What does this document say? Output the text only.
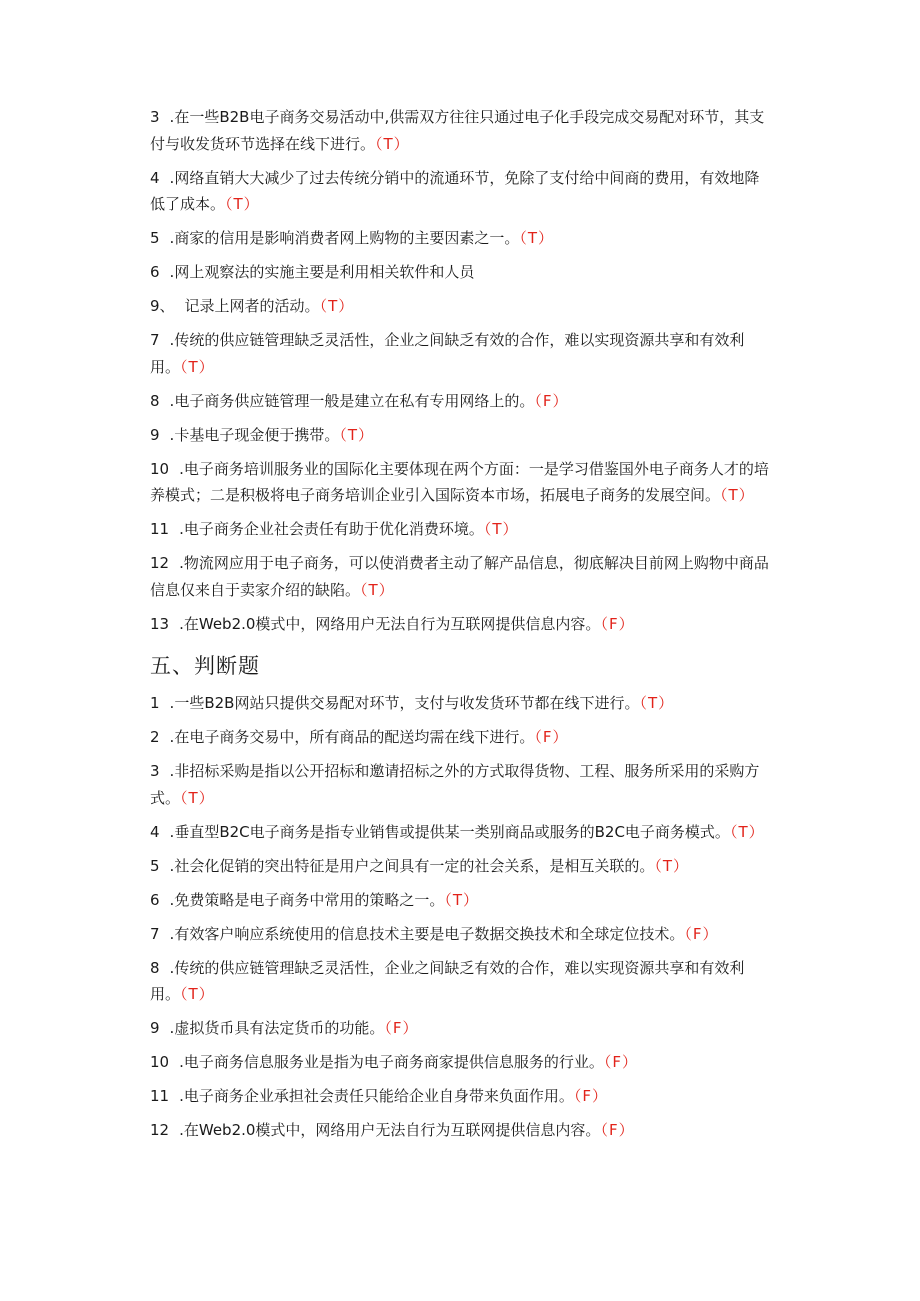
3 .在一些B2B电子商务交易活动中,供需双方往往只通过电子化手段完成交易配对环节，其支付与收发货环节选择在线下进行。（T）
4 .网络直销大大减少了过去传统分销中的流通环节，免除了支付给中间商的费用，有效地降低了成本。（T）
5 .商家的信用是影响消费者网上购物的主要因素之一。（T）
6 .网上观察法的实施主要是利用相关软件和人员
9、 记录上网者的活动。（T）
7 .传统的供应链管理缺乏灵活性，企业之间缺乏有效的合作，难以实现资源共享和有效利用。（T）
8 .电子商务供应链管理一般是建立在私有专用网络上的。（F）
9 .卡基电子现金便于携带。（T）
10 .电子商务培训服务业的国际化主要体现在两个方面：一是学习借鉴国外电子商务人才的培养模式；二是积极将电子商务培训企业引入国际资本市场，拓展电子商务的发展空间。（T）
11 .电子商务企业社会责任有助于优化消费环境。（T）
12 .物流网应用于电子商务，可以使消费者主动了解产品信息，彻底解决目前网上购物中商品信息仅来自于卖家介绍的缺陷。（T）
13 .在Web2.0模式中，网络用户无法自行为互联网提供信息内容。（F）
五、判断题
1 .一些B2B网站只提供交易配对环节，支付与收发货环节都在线下进行。（T）
2 .在电子商务交易中，所有商品的配送均需在线下进行。（F）
3 .非招标采购是指以公开招标和邀请招标之外的方式取得货物、工程、服务所采用的采购方式。（T）
4 .垂直型B2C电子商务是指专业销售或提供某一类别商品或服务的B2C电子商务模式。（T）
5 .社会化促销的突出特征是用户之间具有一定的社会关系，是相互关联的。（T）
6 .免费策略是电子商务中常用的策略之一。（T）
7 .有效客户响应系统使用的信息技术主要是电子数据交换技术和全球定位技术。（F）
8 .传统的供应链管理缺乏灵活性，企业之间缺乏有效的合作，难以实现资源共享和有效利用。（T）
9 .虚拟货币具有法定货币的功能。（F）
10 .电子商务信息服务业是指为电子商务商家提供信息服务的行业。（F）
11 .电子商务企业承担社会责任只能给企业自身带来负面作用。（F）
12 .在Web2.0模式中，网络用户无法自行为互联网提供信息内容。（F）
